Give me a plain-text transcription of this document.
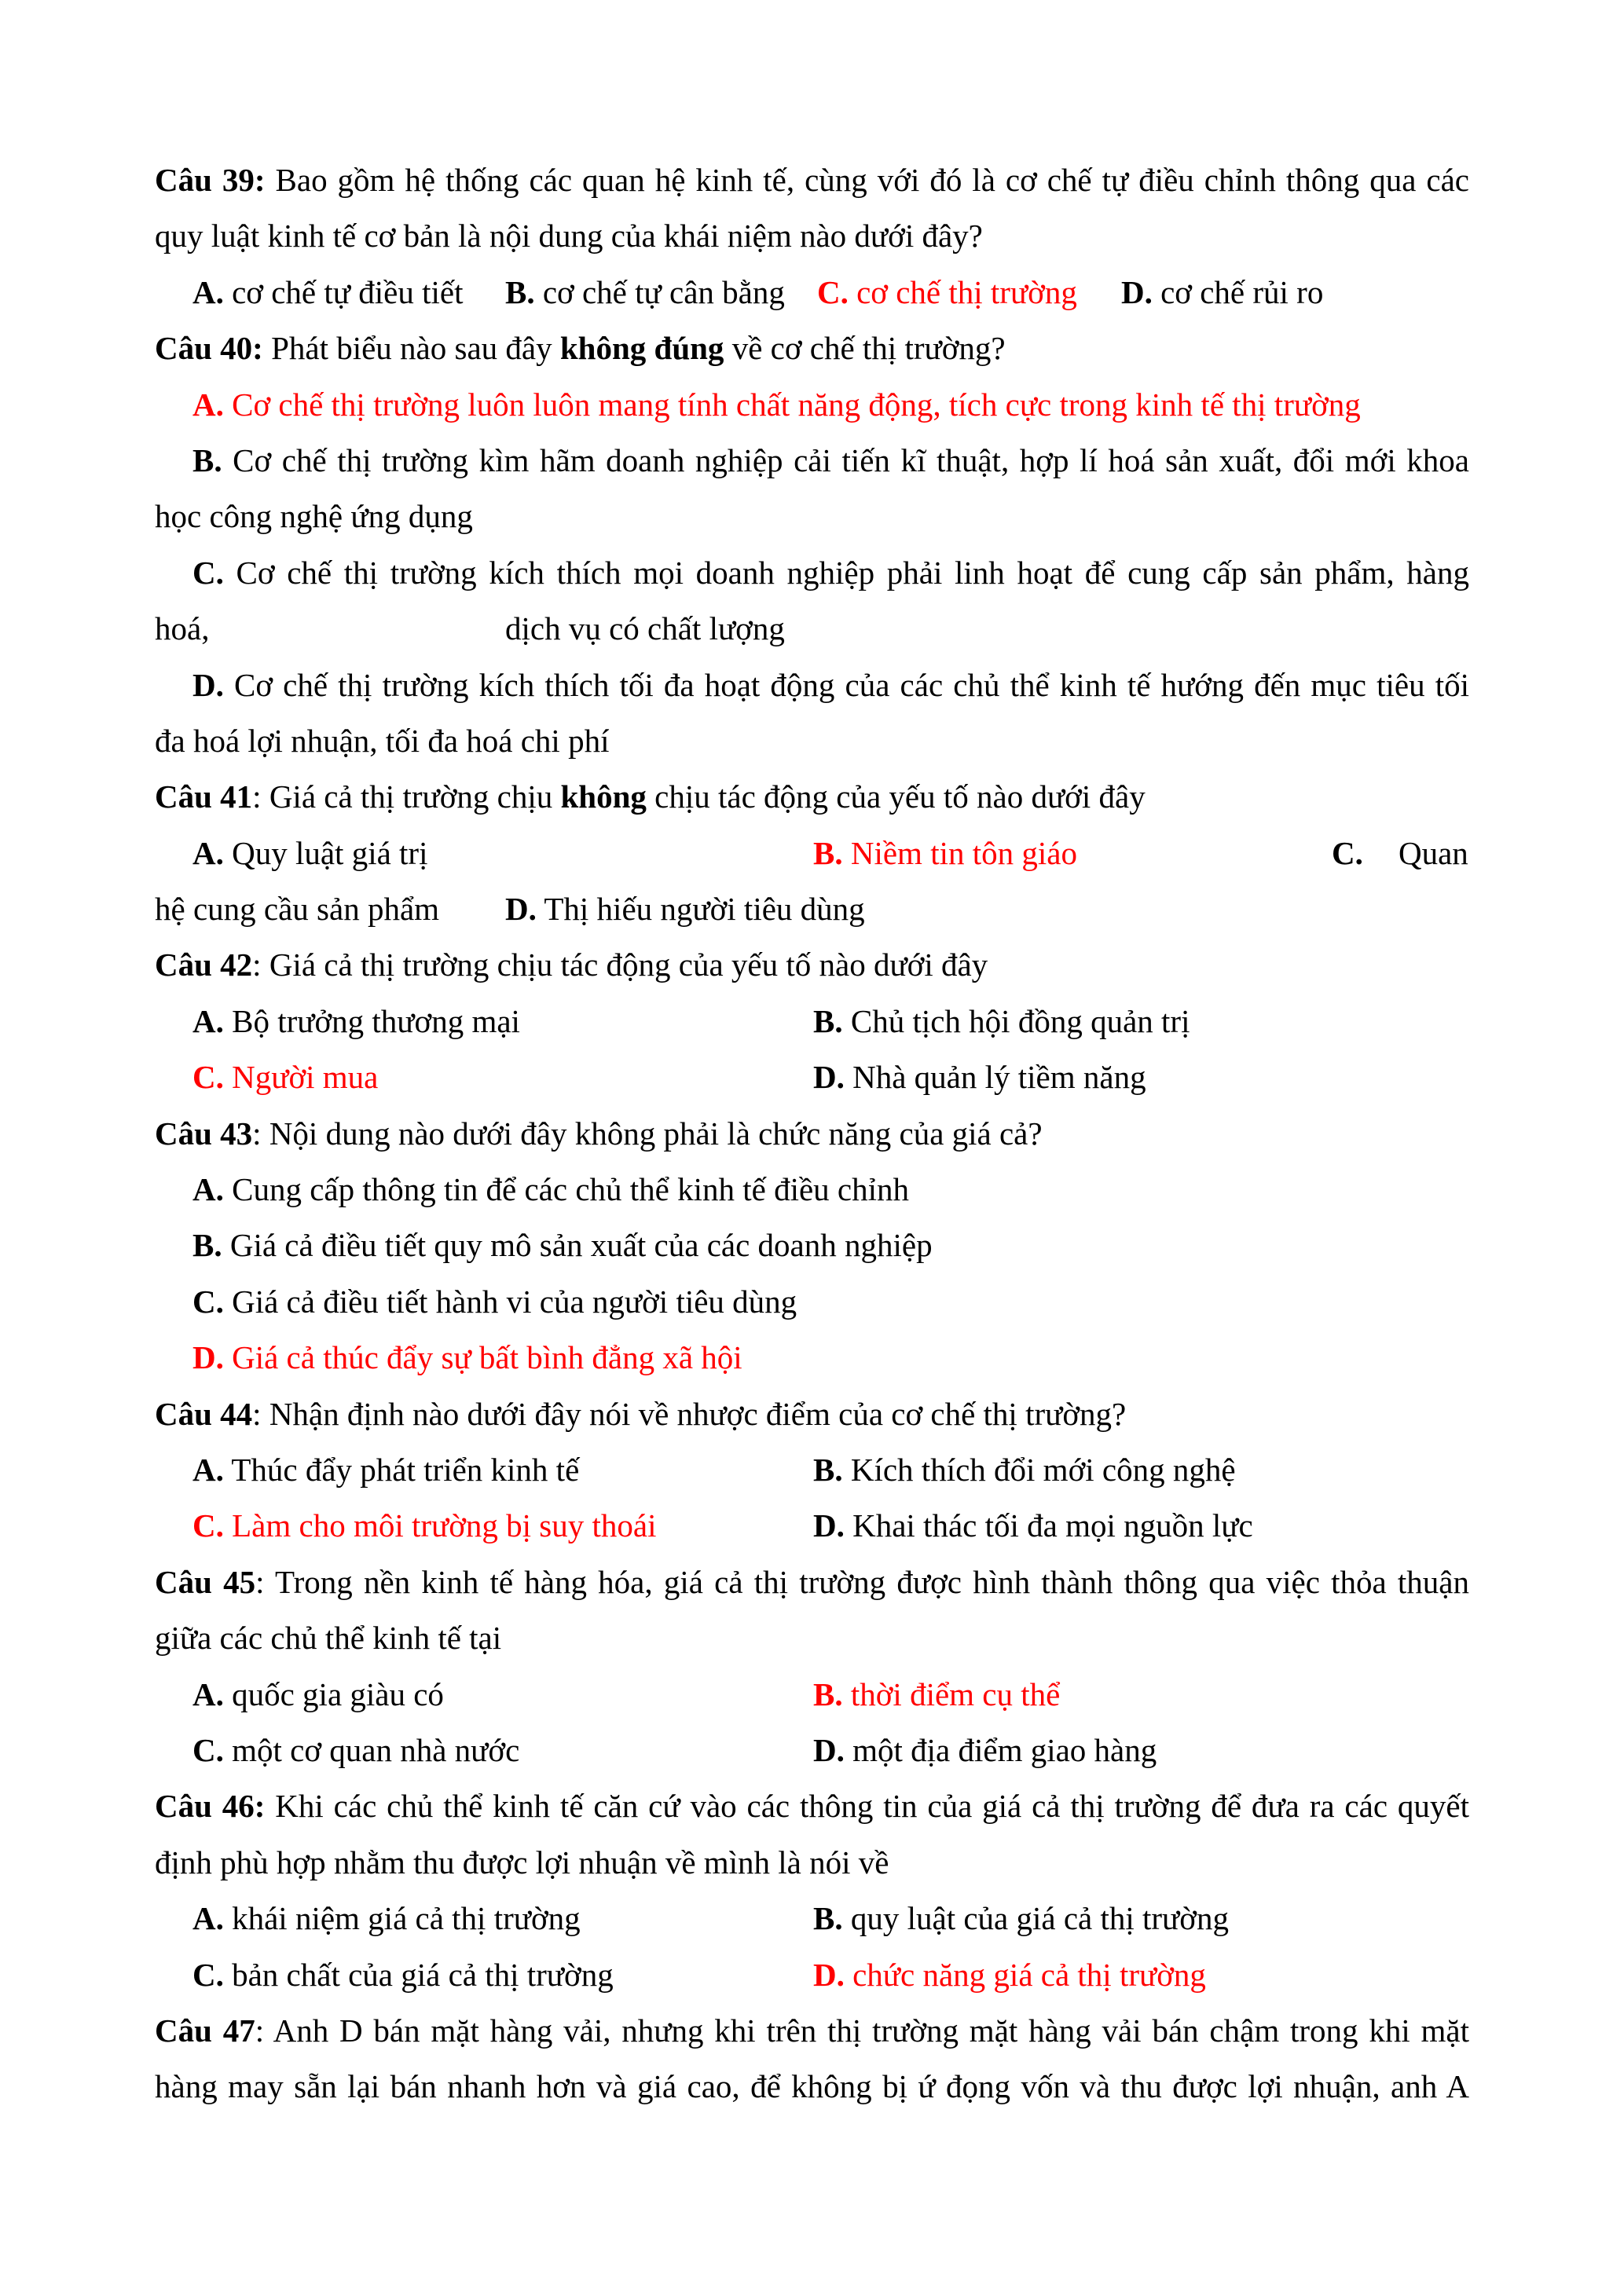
Câu 39: Bao gồm hệ thống các quan hệ kinh tế, cùng với đó là cơ chế tự điều chỉnh thông qua các
quy luật kinh tế cơ bản là nội dung của khái niệm nào dưới đây?
A. cơ chế tự điều tiết B. cơ chế tự cân bằng C. cơ chế thị trường D. cơ chế rủi ro
Câu 40: Phát biểu nào sau đây không đúng về cơ chế thị trường?
A. Cơ chế thị trường luôn luôn mang tính chất năng động, tích cực trong kinh tế thị trường
B. Cơ chế thị trường kìm hãm doanh nghiệp cải tiến kĩ thuật, hợp lí hoá sản xuất, đổi mới khoa
học công nghệ ứng dụng
C. Cơ chế thị trường kích thích mọi doanh nghiệp phải linh hoạt để cung cấp sản phẩm, hàng
hoá,	dịch vụ có chất lượng
D. Cơ chế thị trường kích thích tối đa hoạt động của các chủ thể kinh tế hướng đến mục tiêu tối
đa hoá lợi nhuận, tối đa hoá chi phí
Câu 41: Giá cả thị trường chịu không chịu tác động của yếu tố nào dưới đây
A. Quy luật giá trị	B. Niềm tin tôn giáo	C. Quan
hệ cung cầu sản phẩm D. Thị hiếu người tiêu dùng
Câu 42: Giá cả thị trường chịu tác động của yếu tố nào dưới đây
A. Bộ trưởng thương mại	B. Chủ tịch hội đồng quản trị
C. Người mua	D. Nhà quản lý tiềm năng
Câu 43: Nội dung nào dưới đây không phải là chức năng của giá cả?
A. Cung cấp thông tin để các chủ thể kinh tế điều chỉnh
B. Giá cả điều tiết quy mô sản xuất của các doanh nghiệp
C. Giá cả điều tiết hành vi của người tiêu dùng
D. Giá cả thúc đẩy sự bất bình đẳng xã hội
Câu 44: Nhận định nào dưới đây nói về nhược điểm của cơ chế thị trường?
A. Thúc đẩy phát triển kinh tế	B. Kích thích đổi mới công nghệ
C. Làm cho môi trường bị suy thoái	D. Khai thác tối đa mọi nguồn lực
Câu 45: Trong nền kinh tế hàng hóa, giá cả thị trường được hình thành thông qua việc thỏa thuận
giữa các chủ thể kinh tế tại
A. quốc gia giàu có	B. thời điểm cụ thể
C. một cơ quan nhà nước	D. một địa điểm giao hàng
Câu 46: Khi các chủ thể kinh tế căn cứ vào các thông tin của giá cả thị trường để đưa ra các quyết
định phù hợp nhằm thu được lợi nhuận về mình là nói về
A. khái niệm giá cả thị trường	B. quy luật của giá cả thị trường
C. bản chất của giá cả thị trường	D. chức năng giá cả thị trường
Câu 47: Anh D bán mặt hàng vải, nhưng khi trên thị trường mặt hàng vải bán chậm trong khi mặt
hàng may sẵn lại bán nhanh hơn và giá cao, để không bị ứ đọng vốn và thu được lợi nhuận, anh A
